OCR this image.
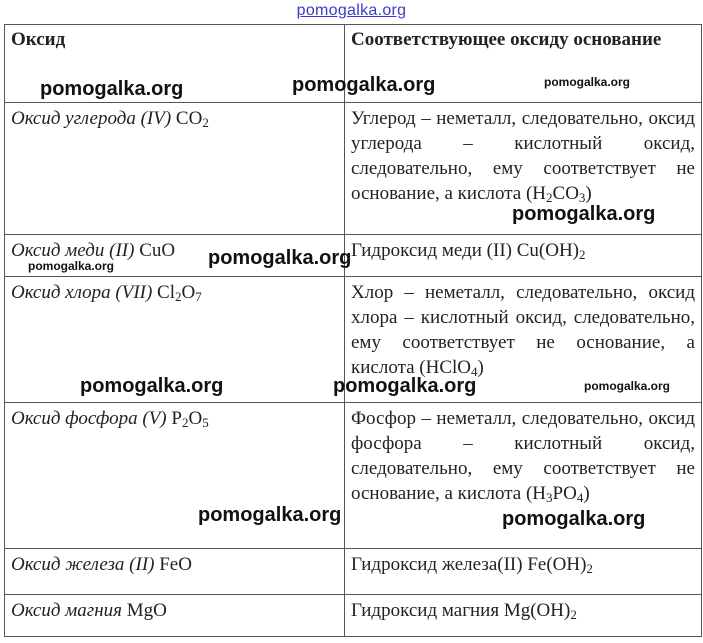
pomogalka.org
Оксид	Соответствующее оксиду основание
Оксид углерода (IV) $CO_2$	Углерод – неметалл, следовательно, оксид углерода – кислотный оксид, следовательно, ему соответствует не основание, а кислота $(H_2CO_3)$
Оксид меди (II) CuO	Гидроксид меди (II) $Cu(OH)_2$
Оксид хлора (VII) $Cl_2O_7$	Хлор – неметалл, следовательно, оксид хлора – кислотный оксид, следовательно, ему соответствует не основание, а кислота (HClO$_4$)
Оксид фосфора (V) $P_2O_5$	Фосфор – неметалл, следовательно, оксид фосфора – кислотный оксид, следовательно, ему соответствует не основание, а кислота $(H_3PO_4)$
Оксид железа (II) FeO	Гидроксид железа(II) $Fe(OH)_2$
Оксид магния MgO	Гидроксид магния $Mg(OH)_2$
pomogalka.org	pomogalka.org	pomogalka.org
pomogalka.org
pomogalka.org	pomogalka.org
pomogalka.org	pomogalka.org	pomogalka.org
pomogalka.org	pomogalka.org
